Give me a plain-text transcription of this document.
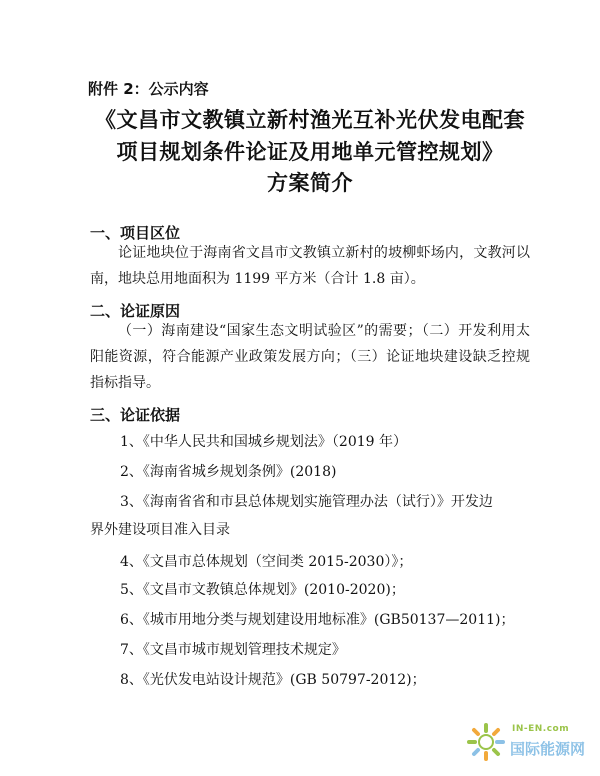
附件 2：公示内容
《文昌市文教镇立新村渔光互补光伏发电配套
项目规划条件论证及用地单元管控规划》
方案简介
一、项目区位
论证地块位于海南省文昌市文教镇立新村的坡柳虾场内，文教河以南，地块总用地面积为 1199 平方米（合计 1.8 亩）。
二、论证原因
（一）海南建设“国家生态文明试验区”的需要；（二）开发利用太阳能资源，符合能源产业政策发展方向；（三）论证地块建设缺乏控规指标指导。
三、论证依据
1、《中华人民共和国城乡规划法》（2019 年）
2、《海南省城乡规划条例》(2018)
3、《海南省省和市县总体规划实施管理办法（试行）》开发边
界外建设项目准入目录
4、《文昌市总体规划（空间类 2015-2030）》；
5、《文昌市文教镇总体规划》(2010-2020)；
6、《城市用地分类与规划建设用地标准》(GB50137—2011)；
7、《文昌市城市规划管理技术规定》
8、《光伏发电站设计规范》(GB 50797-2012)；
IN-EN.com
国际能源网
